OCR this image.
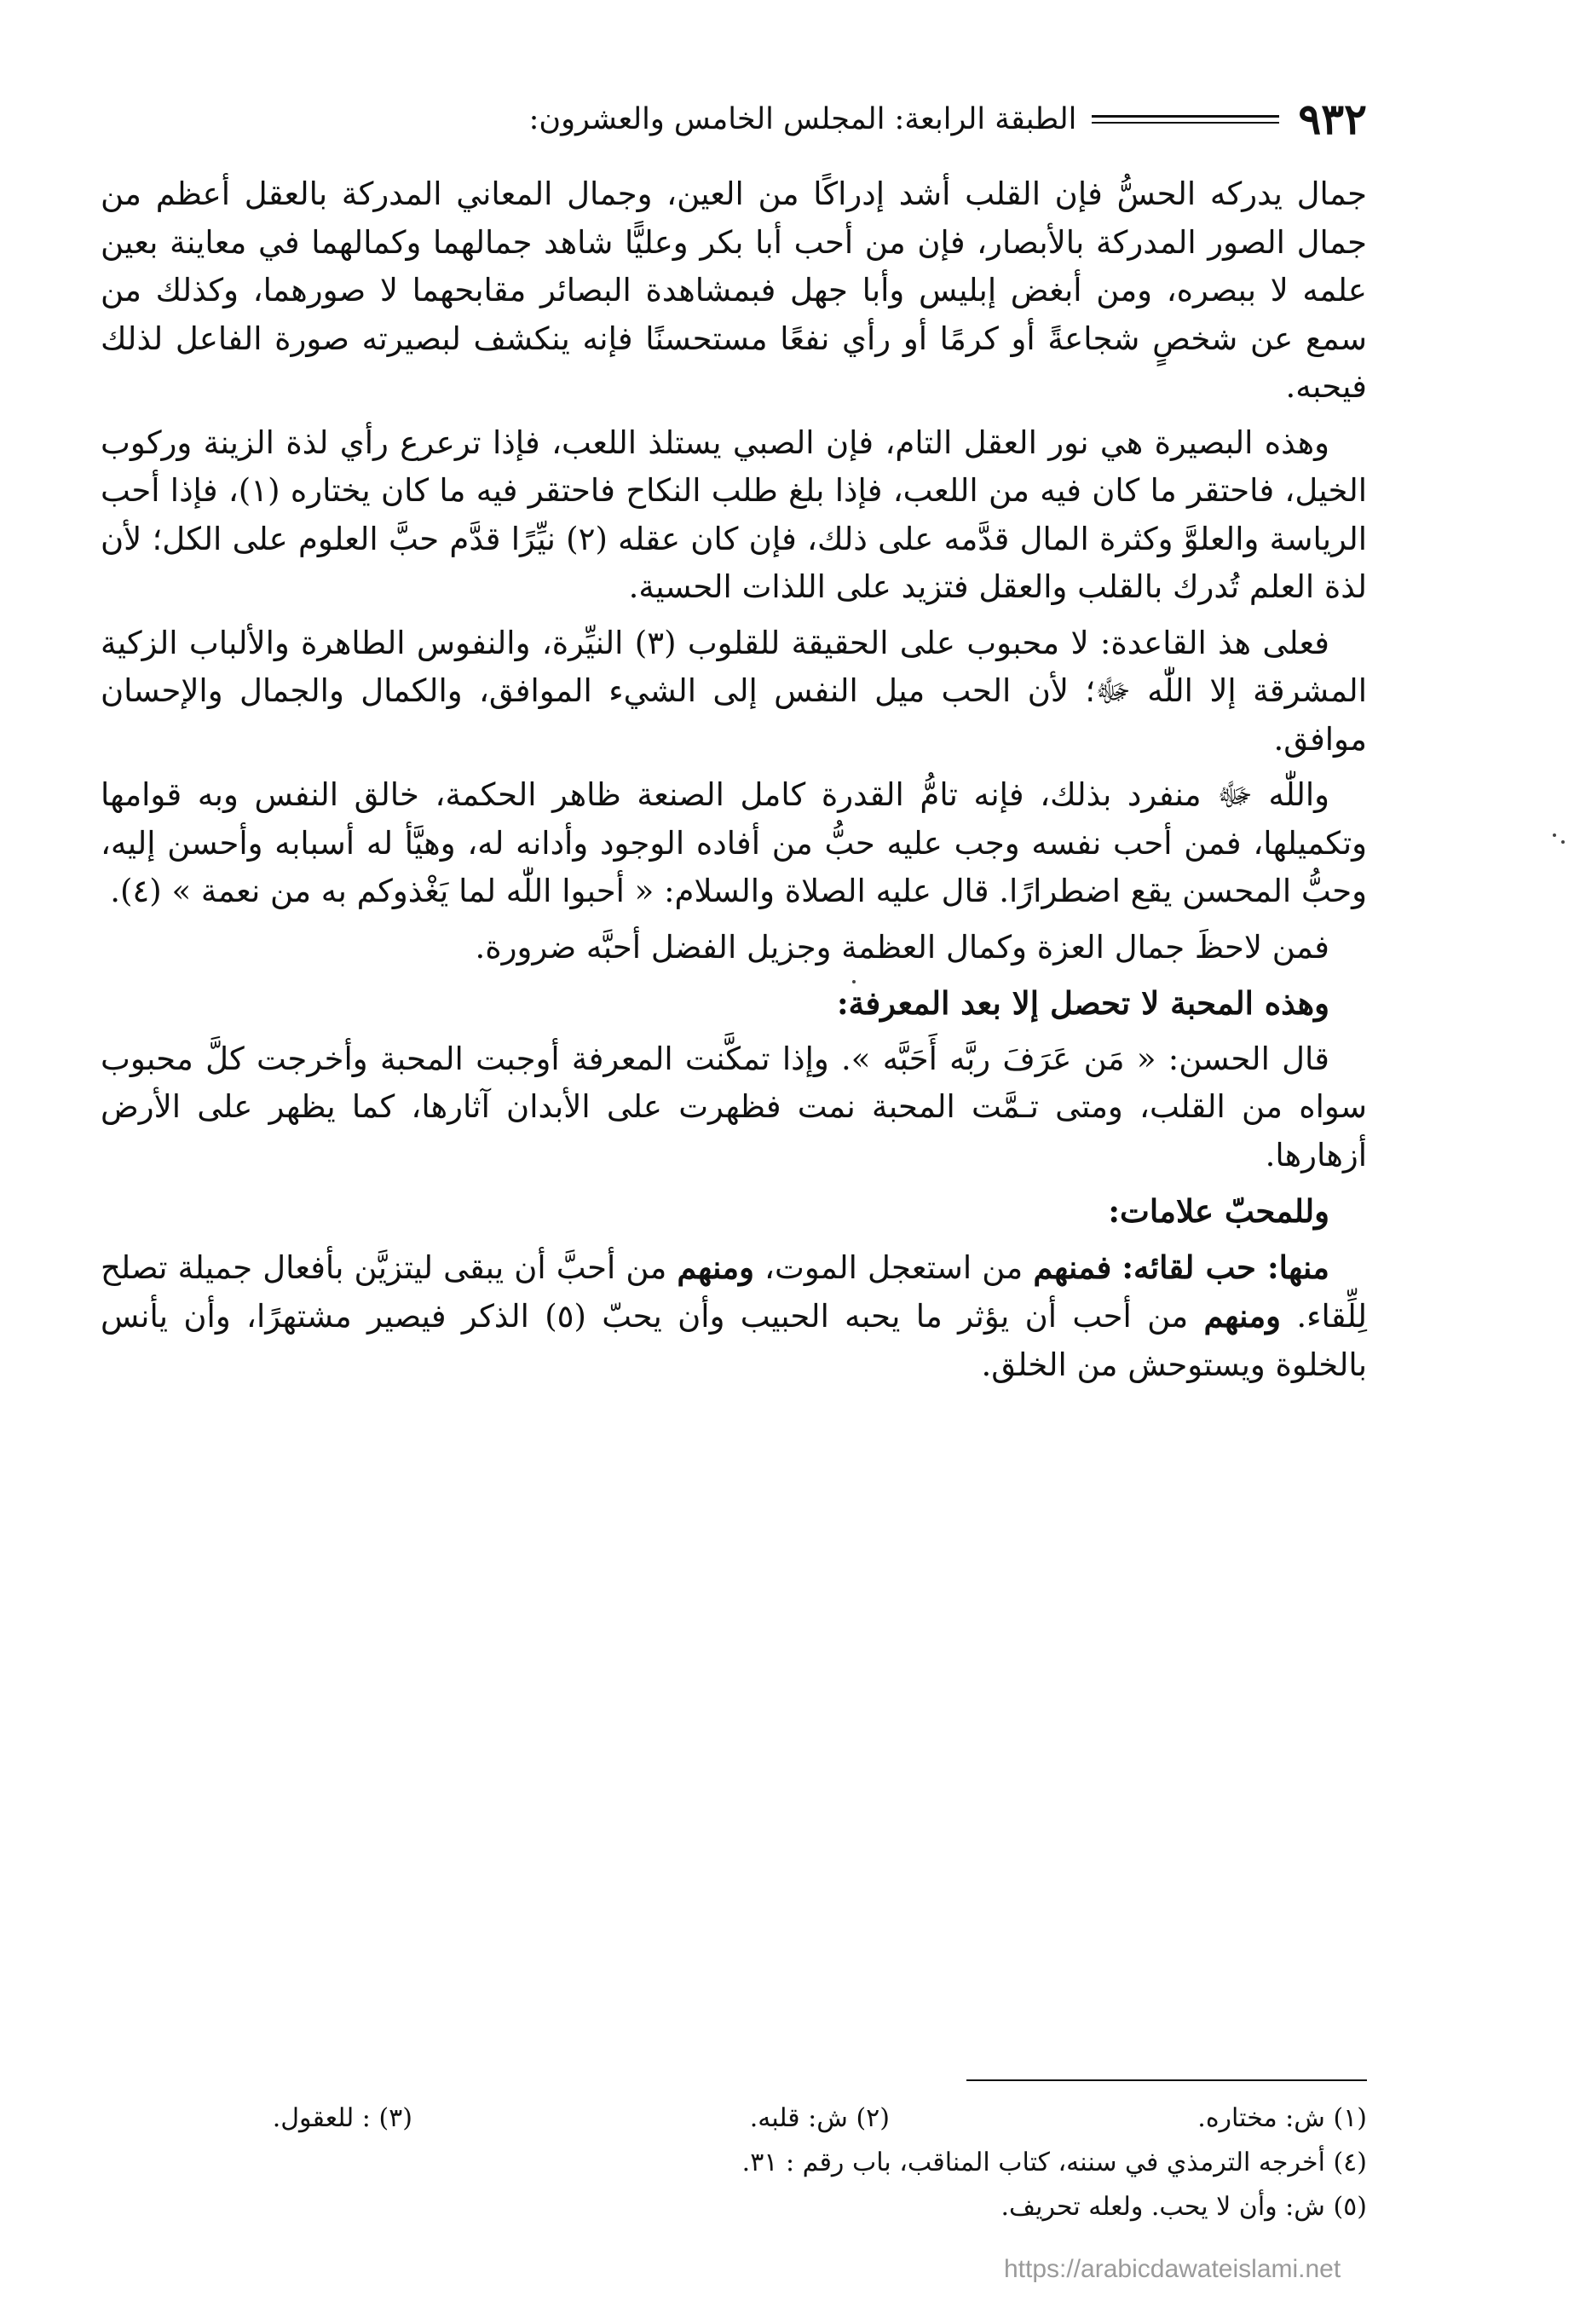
٩٣٢
الطبقة الرابعة: المجلس الخامس والعشرون:

جمال يدركه الحسُّ فإن القلب أشد إدراكًا من العين، وجمال المعاني المدركة بالعقل أعظم من جمال الصور المدركة بالأبصار، فإن من أحب أبا بكر وعليًّا شاهد جمالهما وكمالهما في معاينة بعين علمه لا ببصره، ومن أبغض إبليس وأبا جهل فبمشاهدة البصائر مقابحهما لا صورهما، وكذلك من سمع عن شخصٍ شجاعةً أو كرمًا أو رأي نفعًا مستحسنًا فإنه ينكشف لبصيرته صورة الفاعل لذلك فيحبه.

وهذه البصيرة هي نور العقل التام، فإن الصبي يستلذ اللعب، فإذا ترعرع رأي لذة الزينة وركوب الخيل، فاحتقر ما كان فيه من اللعب، فإذا بلغ طلب النكاح فاحتقر فيه ما كان يختاره (١)، فإذا أحب الرياسة والعلوَّ وكثرة المال قدَّمه على ذلك، فإن كان عقله (٢) نيِّرًا قدَّم حبَّ العلوم على الكل؛ لأن لذة العلم تُدرك بالقلب والعقل فتزيد على اللذات الحسية.

فعلى هذ القاعدة: لا محبوب على الحقيقة للقلوب (٣) النيِّرة، والنفوس الطاهرة والألباب الزكية المشرقة إلا اللّٰه ﷻ؛ لأن الحب ميل النفس إلى الشيء الموافق، والكمال والجمال والإحسان موافق.

واللّٰه ﷻ منفرد بذلك، فإنه تامُّ القدرة كامل الصنعة ظاهر الحكمة، خالق النفس وبه قوامها وتكميلها، فمن أحب نفسه وجب عليه حبُّ من أفاده الوجود وأدانه له، وهيَّأ له أسبابه وأحسن إليه، وحبُّ المحسن يقع اضطرارًا. قال عليه الصلاة والسلام: « أحبوا اللّٰه لما يَغْذوكم به من نعمة » (٤).

فمن لاحظَ جمال العزة وكمال العظمة وجزيل الفضل أحبَّه ضرورة.

وهذه المحبة لا تحصل إلا بعد المعرفة:

قال الحسن: « مَن عَرَفَ ربَّه أَحَبَّه ». وإذا تمكَّنت المعرفة أوجبت المحبة وأخرجت كلَّ محبوب سواه من القلب، ومتى تـمَّت المحبة نمت فظهرت على الأبدان آثارها، كما يظهر على الأرض أزهارها.

وللمحبّ علامات:

منها: حب لقائه: فمنهم من استعجل الموت، ومنهم من أحبَّ أن يبقى ليتزيَّن بأفعال جميلة تصلح لِلِّقاء. ومنهم من أحب أن يؤثر ما يحبه الحبيب وأن يحبّ (٥) الذكر فيصير مشتهرًا، وأن يأنس بالخلوة ويستوحش من الخلق.

(١) ش: مختاره.
(٢) ش: قلبه.
(٣) : للعقول.
(٤) أخرجه الترمذي في سننه، كتاب المناقب، باب رقم : ٣١.
(٥) ش: وأن لا يحب. ولعله تحريف.
https://arabicdawateislami.net
